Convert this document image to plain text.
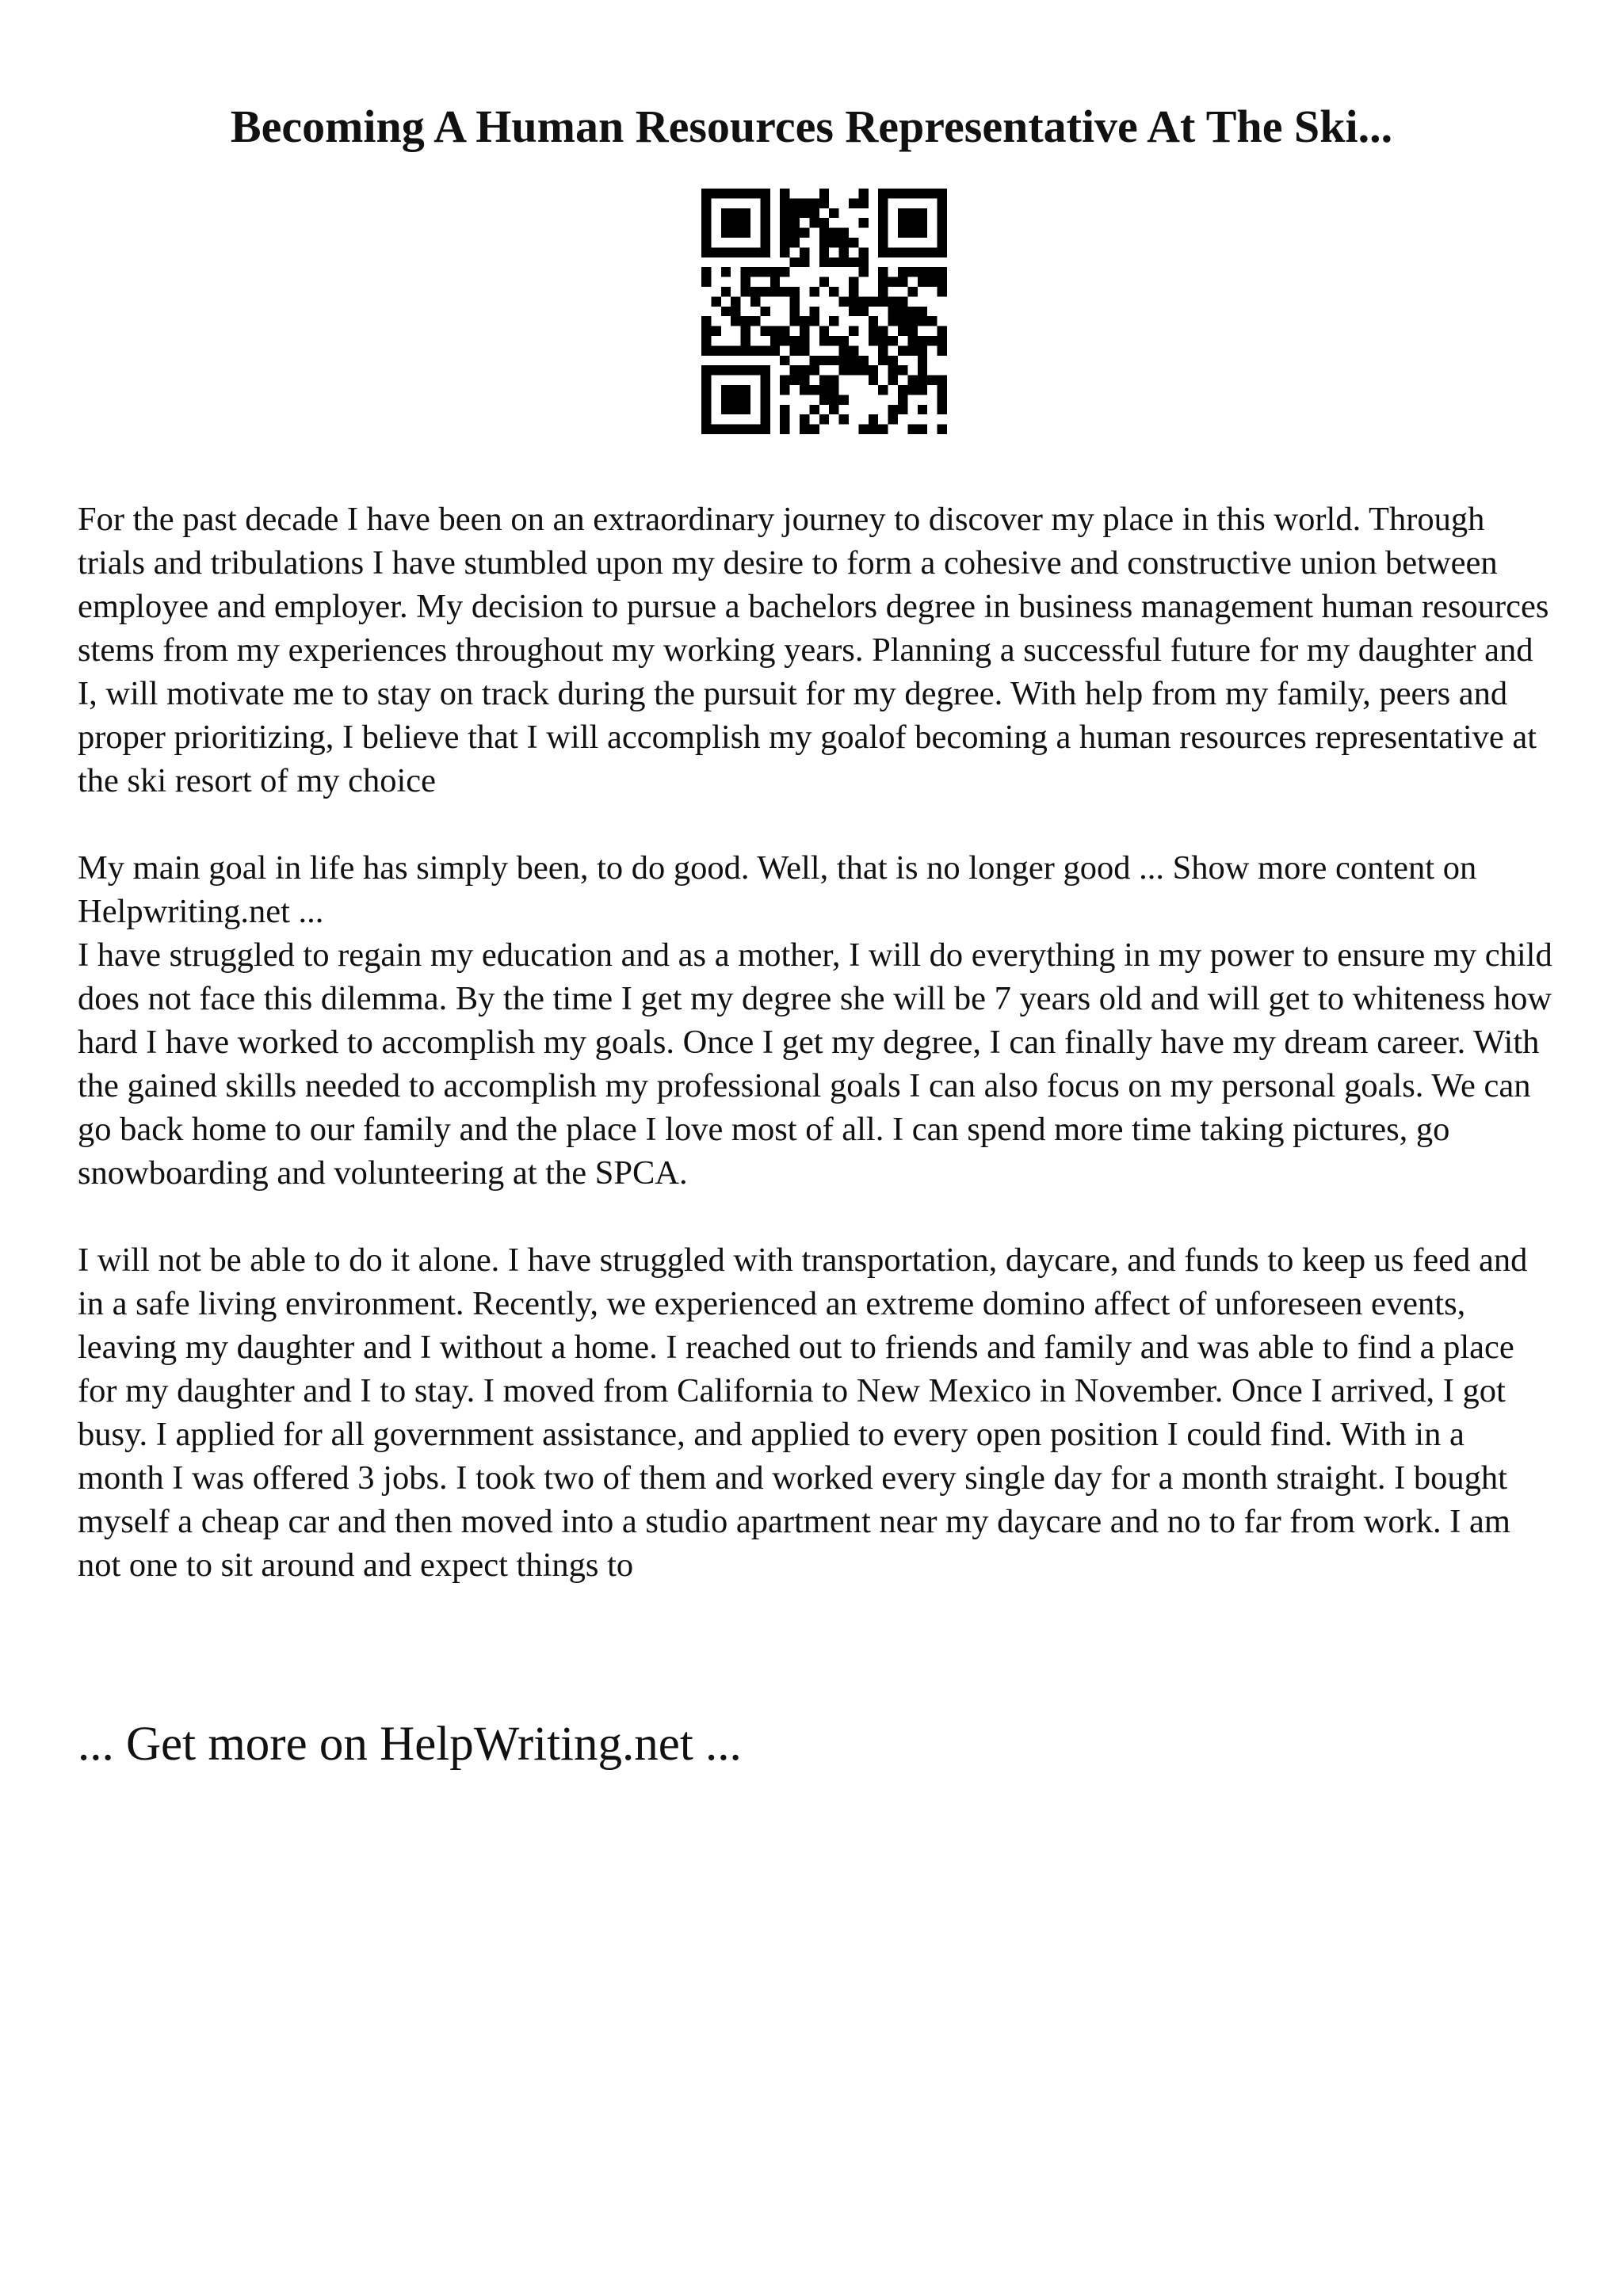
Becoming A Human Resources Representative At The Ski...

For the past decade I have been on an extraordinary journey to discover my place in this world. Through trials and tribulations I have stumbled upon my desire to form a cohesive and constructive union between employee and employer. My decision to pursue a bachelors degree in business management human resources stems from my experiences throughout my working years. Planning a successful future for my daughter and I, will motivate me to stay on track during the pursuit for my degree. With help from my family, peers and proper prioritizing, I believe that I will accomplish my goalof becoming a human resources representative at the ski resort of my choice

My main goal in life has simply been, to do good. Well, that is no longer good ... Show more content on Helpwriting.net ...

I have struggled to regain my education and as a mother, I will do everything in my power to ensure my child does not face this dilemma. By the time I get my degree she will be 7 years old and will get to whiteness how hard I have worked to accomplish my goals. Once I get my degree, I can finally have my dream career. With the gained skills needed to accomplish my professional goals I can also focus on my personal goals. We can go back home to our family and the place I love most of all. I can spend more time taking pictures, go snowboarding and volunteering at the SPCA.

I will not be able to do it alone. I have struggled with transportation, daycare, and funds to keep us feed and in a safe living environment. Recently, we experienced an extreme domino affect of unforeseen events, leaving my daughter and I without a home. I reached out to friends and family and was able to find a place for my daughter and I to stay. I moved from California to New Mexico in November. Once I arrived, I got busy. I applied for all government assistance, and applied to every open position I could find. With in a month I was offered 3 jobs. I took two of them and worked every single day for a month straight. I bought myself a cheap car and then moved into a studio apartment near my daycare and no to far from work. I am not one to sit around and expect things to

... Get more on HelpWriting.net ...
